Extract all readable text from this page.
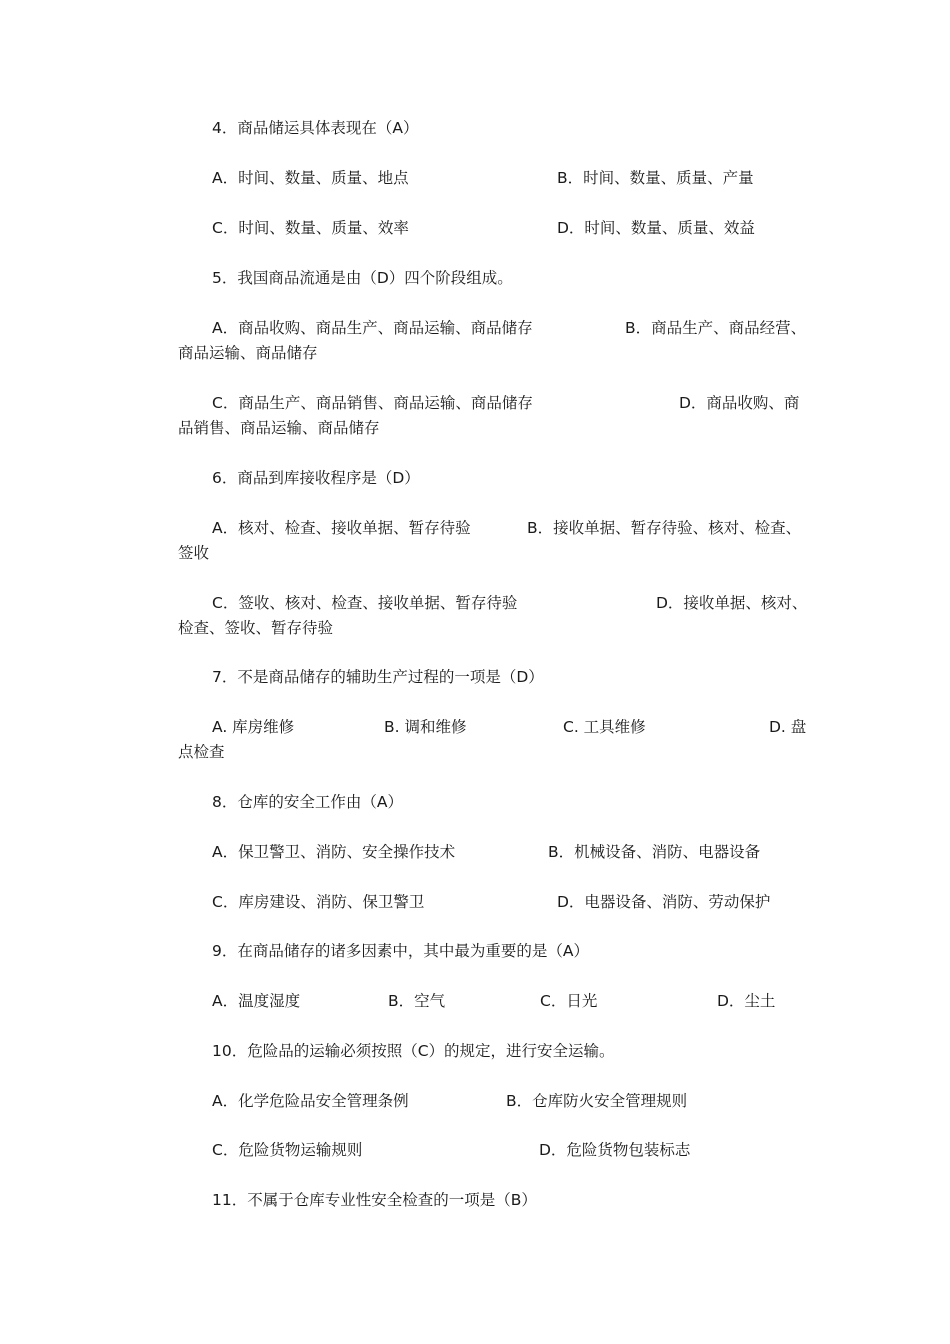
4．商品储运具体表现在（A）
A．时间、数量、质量、地点	B．时间、数量、质量、产量
C．时间、数量、质量、效率	D．时间、数量、质量、效益
5．我国商品流通是由（D）四个阶段组成。
A．商品收购、商品生产、商品运输、商品储存	B．商品生产、商品经营、
商品运输、商品储存
C．商品生产、商品销售、商品运输、商品储存	D．商品收购、商
品销售、商品运输、商品储存
6．商品到库接收程序是（D）
A．核对、检查、接收单据、暂存待验	B．接收单据、暂存待验、核对、检查、
签收
C．签收、核对、检查、接收单据、暂存待验	D．接收单据、核对、
检查、签收、暂存待验
7．不是商品储存的辅助生产过程的一项是（D）
A. 库房维修	B. 调和维修	C. 工具维修	D. 盘
点检查
8．仓库的安全工作由（A）
A．保卫警卫、消防、安全操作技术	B．机械设备、消防、电器设备
C．库房建设、消防、保卫警卫	D．电器设备、消防、劳动保护
9．在商品储存的诸多因素中，其中最为重要的是（A）
A．温度湿度	B．空气	C．日光	D．尘土
10．危险品的运输必须按照（C）的规定，进行安全运输。
A．化学危险品安全管理条例	B．仓库防火安全管理规则
C．危险货物运输规则	D．危险货物包装标志
11．不属于仓库专业性安全检查的一项是（B）
